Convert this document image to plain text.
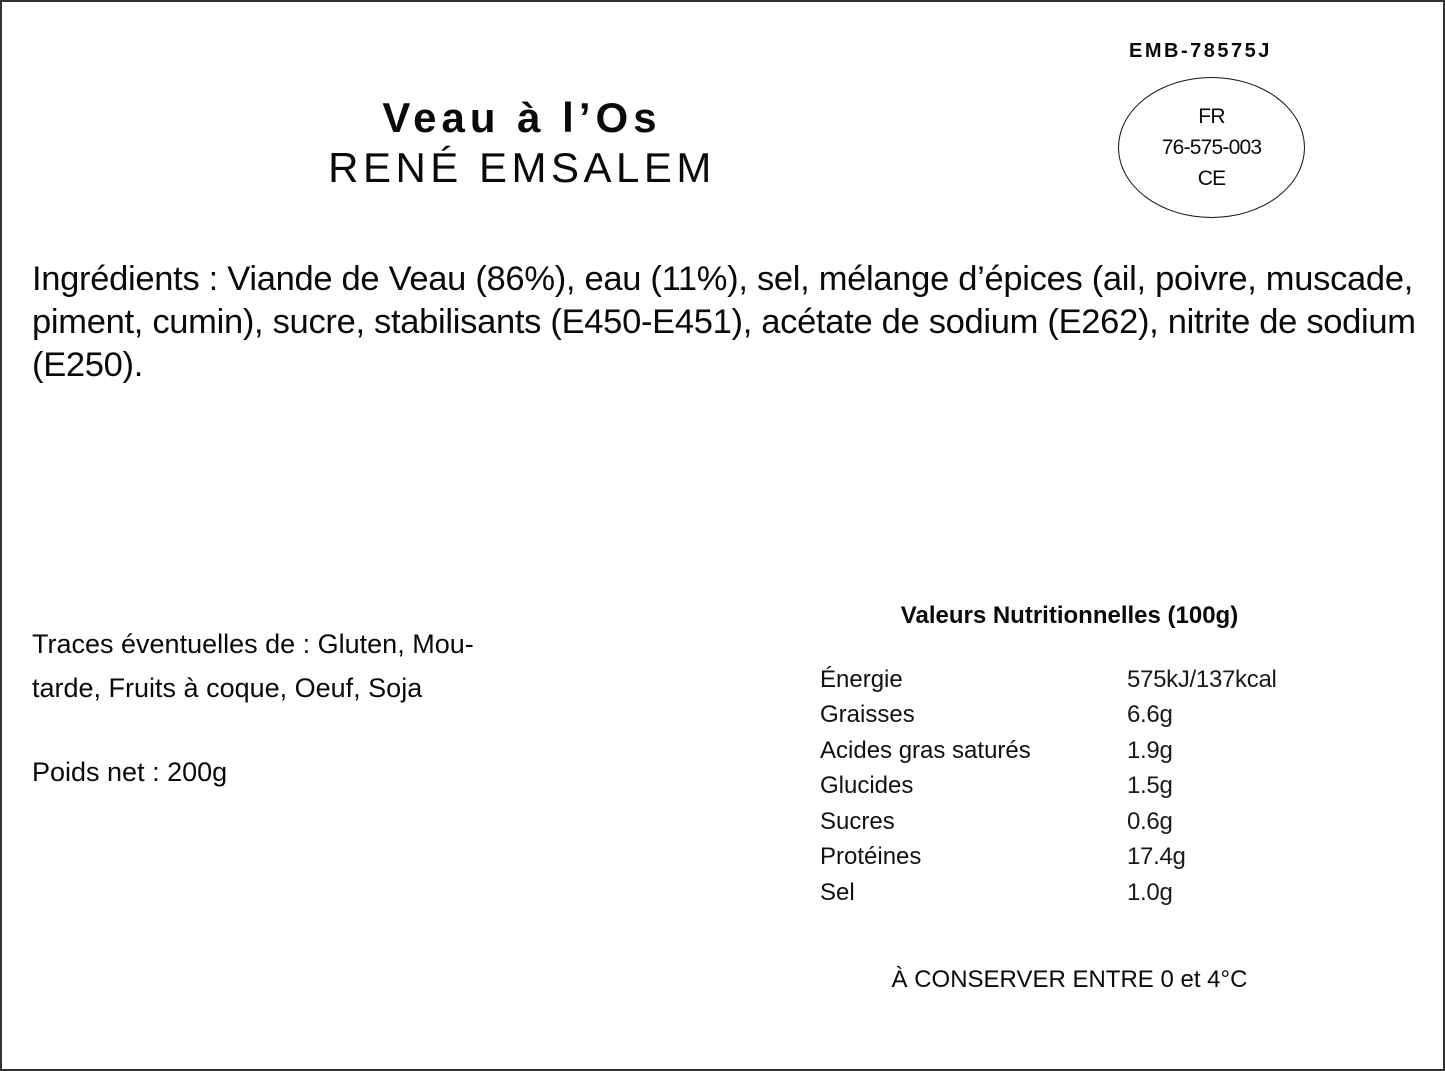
EMB-78575J
FR
76-575-003
CE
Veau à l’Os
RENÉ EMSALEM
Ingrédients : Viande de Veau (86%), eau (11%), sel, mélange d’épices (ail, poivre, muscade, piment, cumin), sucre, stabilisants (E450-E451), acétate de sodium (E262), nitrite de sodium (E250).
Traces éventuelles de : Gluten, Mou-
tarde, Fruits à coque, Oeuf, Soja
Poids net : 200g
Valeurs Nutritionnelles (100g)
Énergie	575kJ/137kcal
Graisses	6.6g
Acides gras saturés	1.9g
Glucides	1.5g
Sucres	0.6g
Protéines	17.4g
Sel	1.0g
À CONSERVER ENTRE 0 et 4°C
